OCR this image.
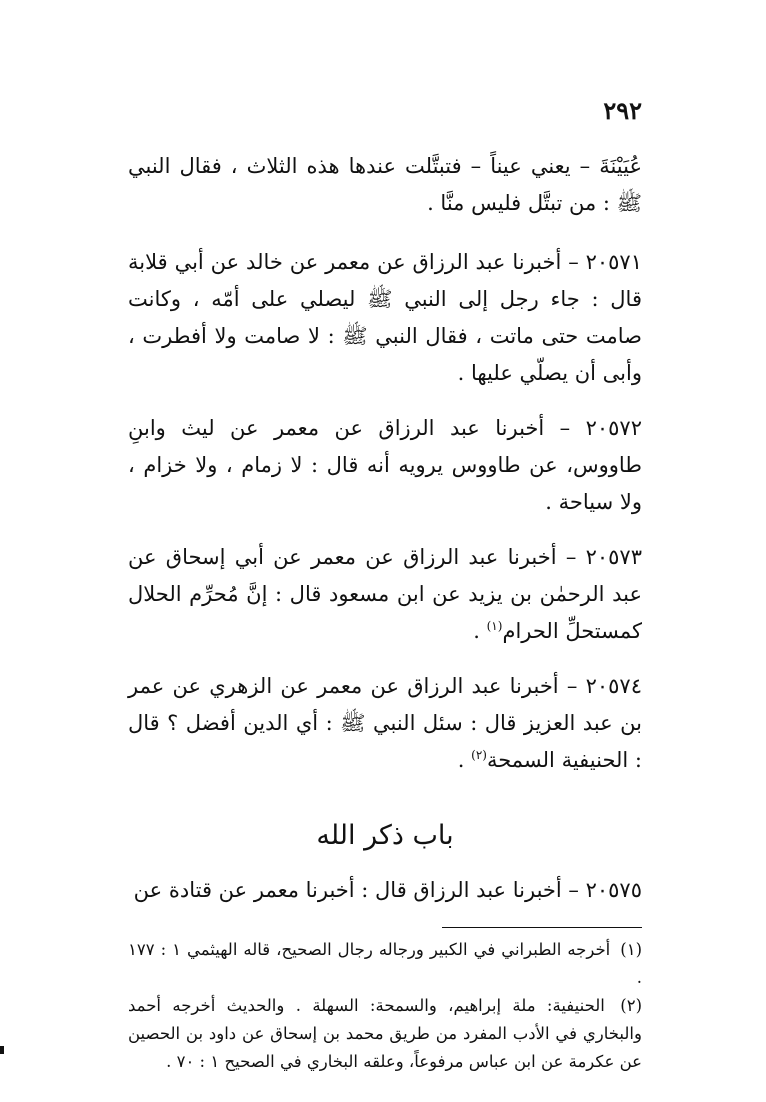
٢٩٢

عُيَيْنَةَ – يعني عيناً – فتبتَّلت عندها هذه الثلاث ، فقال النبي ﷺ : من تبتَّل فليس منَّا .

٢٠٥٧١ – أخبرنا عبد الرزاق عن معمر عن خالد عن أبي قلابة قال : جاء رجل إلى النبي ﷺ ليصلي على أمّه ، وكانت صامت حتى ماتت ، فقال النبي ﷺ : لا صامت ولا أفطرت ، وأبى أن يصلّي عليها .

٢٠٥٧٢ – أخبرنا عبد الرزاق عن معمر عن ليث وابنِ طاووس، عن طاووس يرويه أنه قال : لا زمام ، ولا خزام ، ولا سياحة .

٢٠٥٧٣ – أخبرنا عبد الرزاق عن معمر عن أبي إسحاق عن عبد الرحمٰن بن يزيد عن ابن مسعود قال : إنَّ مُحرِّم الحلال كمستحلِّ الحرام$^{(١)}$ .

٢٠٥٧٤ – أخبرنا عبد الرزاق عن معمر عن الزهري عن عمر بن عبد العزيز قال : سئل النبي ﷺ : أي الدين أفضل ؟ قال : الحنيفية السمحة$^{(٢)}$ .

باب ذكر الله

٢٠٥٧٥ – أخبرنا عبد الرزاق قال : أخبرنا معمر عن قتادة عن

(١) أخرجه الطبراني في الكبير ورجاله رجال الصحيح، قاله الهيثمي ١ : ١٧٧ .

(٢) الحنيفية: ملة إبراهيم، والسمحة: السهلة . والحديث أخرجه أحمد والبخاري في الأدب المفرد من طريق محمد بن إسحاق عن داود بن الحصين عن عكرمة عن ابن عباس مرفوعاً، وعلقه البخاري في الصحيح ١ : ٧٠ .
